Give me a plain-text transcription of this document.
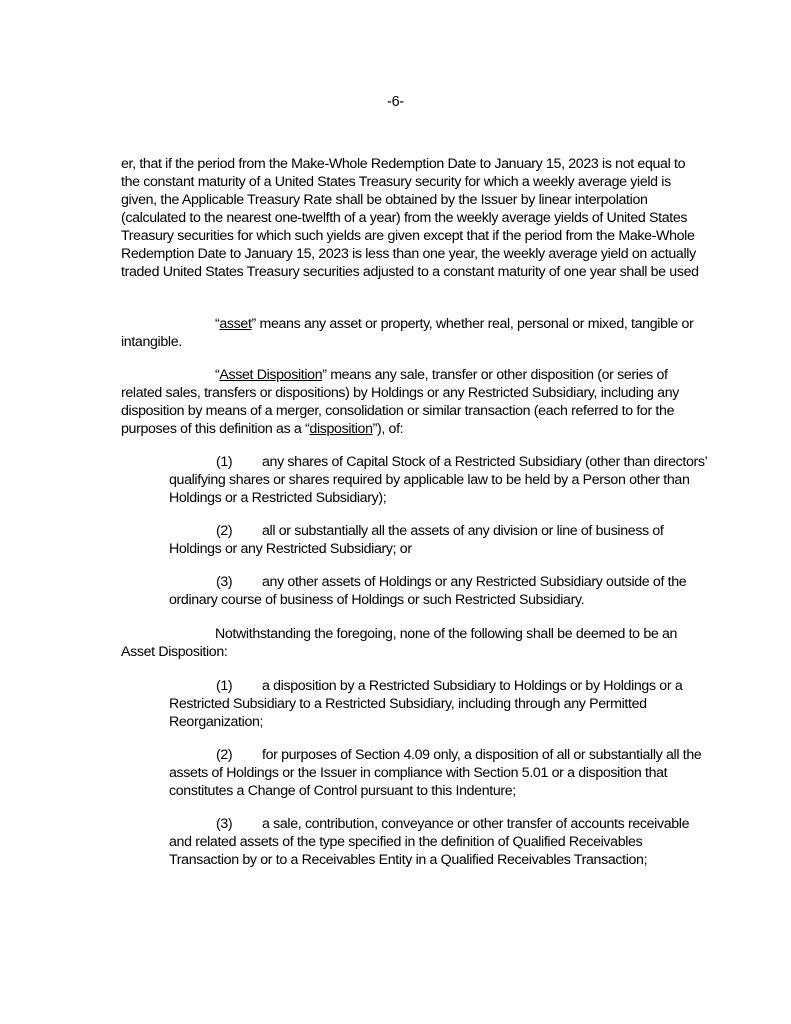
-6-

er, that if the period from the Make-Whole Redemption Date to January 15, 2023 is not equal to the constant maturity of a United States Treasury security for which a weekly average yield is given, the Applicable Treasury Rate shall be obtained by the Issuer by linear interpolation (calculated to the nearest one-twelfth of a year) from the weekly average yields of United States Treasury securities for which such yields are given except that if the period from the Make-Whole Redemption Date to January 15, 2023 is less than one year, the weekly average yield on actually traded United States Treasury securities adjusted to a constant maturity of one year shall be used

“asset” means any asset or property, whether real, personal or mixed, tangible or intangible.

“Asset Disposition” means any sale, transfer or other disposition (or series of related sales, transfers or dispositions) by Holdings or any Restricted Subsidiary, including any disposition by means of a merger, consolidation or similar transaction (each referred to for the purposes of this definition as a “disposition”), of:

(1) any shares of Capital Stock of a Restricted Subsidiary (other than directors’ qualifying shares or shares required by applicable law to be held by a Person other than Holdings or a Restricted Subsidiary);

(2) all or substantially all the assets of any division or line of business of Holdings or any Restricted Subsidiary; or

(3) any other assets of Holdings or any Restricted Subsidiary outside of the ordinary course of business of Holdings or such Restricted Subsidiary.

Notwithstanding the foregoing, none of the following shall be deemed to be an Asset Disposition:

(1) a disposition by a Restricted Subsidiary to Holdings or by Holdings or a Restricted Subsidiary to a Restricted Subsidiary, including through any Permitted Reorganization;

(2) for purposes of Section 4.09 only, a disposition of all or substantially all the assets of Holdings or the Issuer in compliance with Section 5.01 or a disposition that constitutes a Change of Control pursuant to this Indenture;

(3) a sale, contribution, conveyance or other transfer of accounts receivable and related assets of the type specified in the definition of Qualified Receivables Transaction by or to a Receivables Entity in a Qualified Receivables Transaction;
